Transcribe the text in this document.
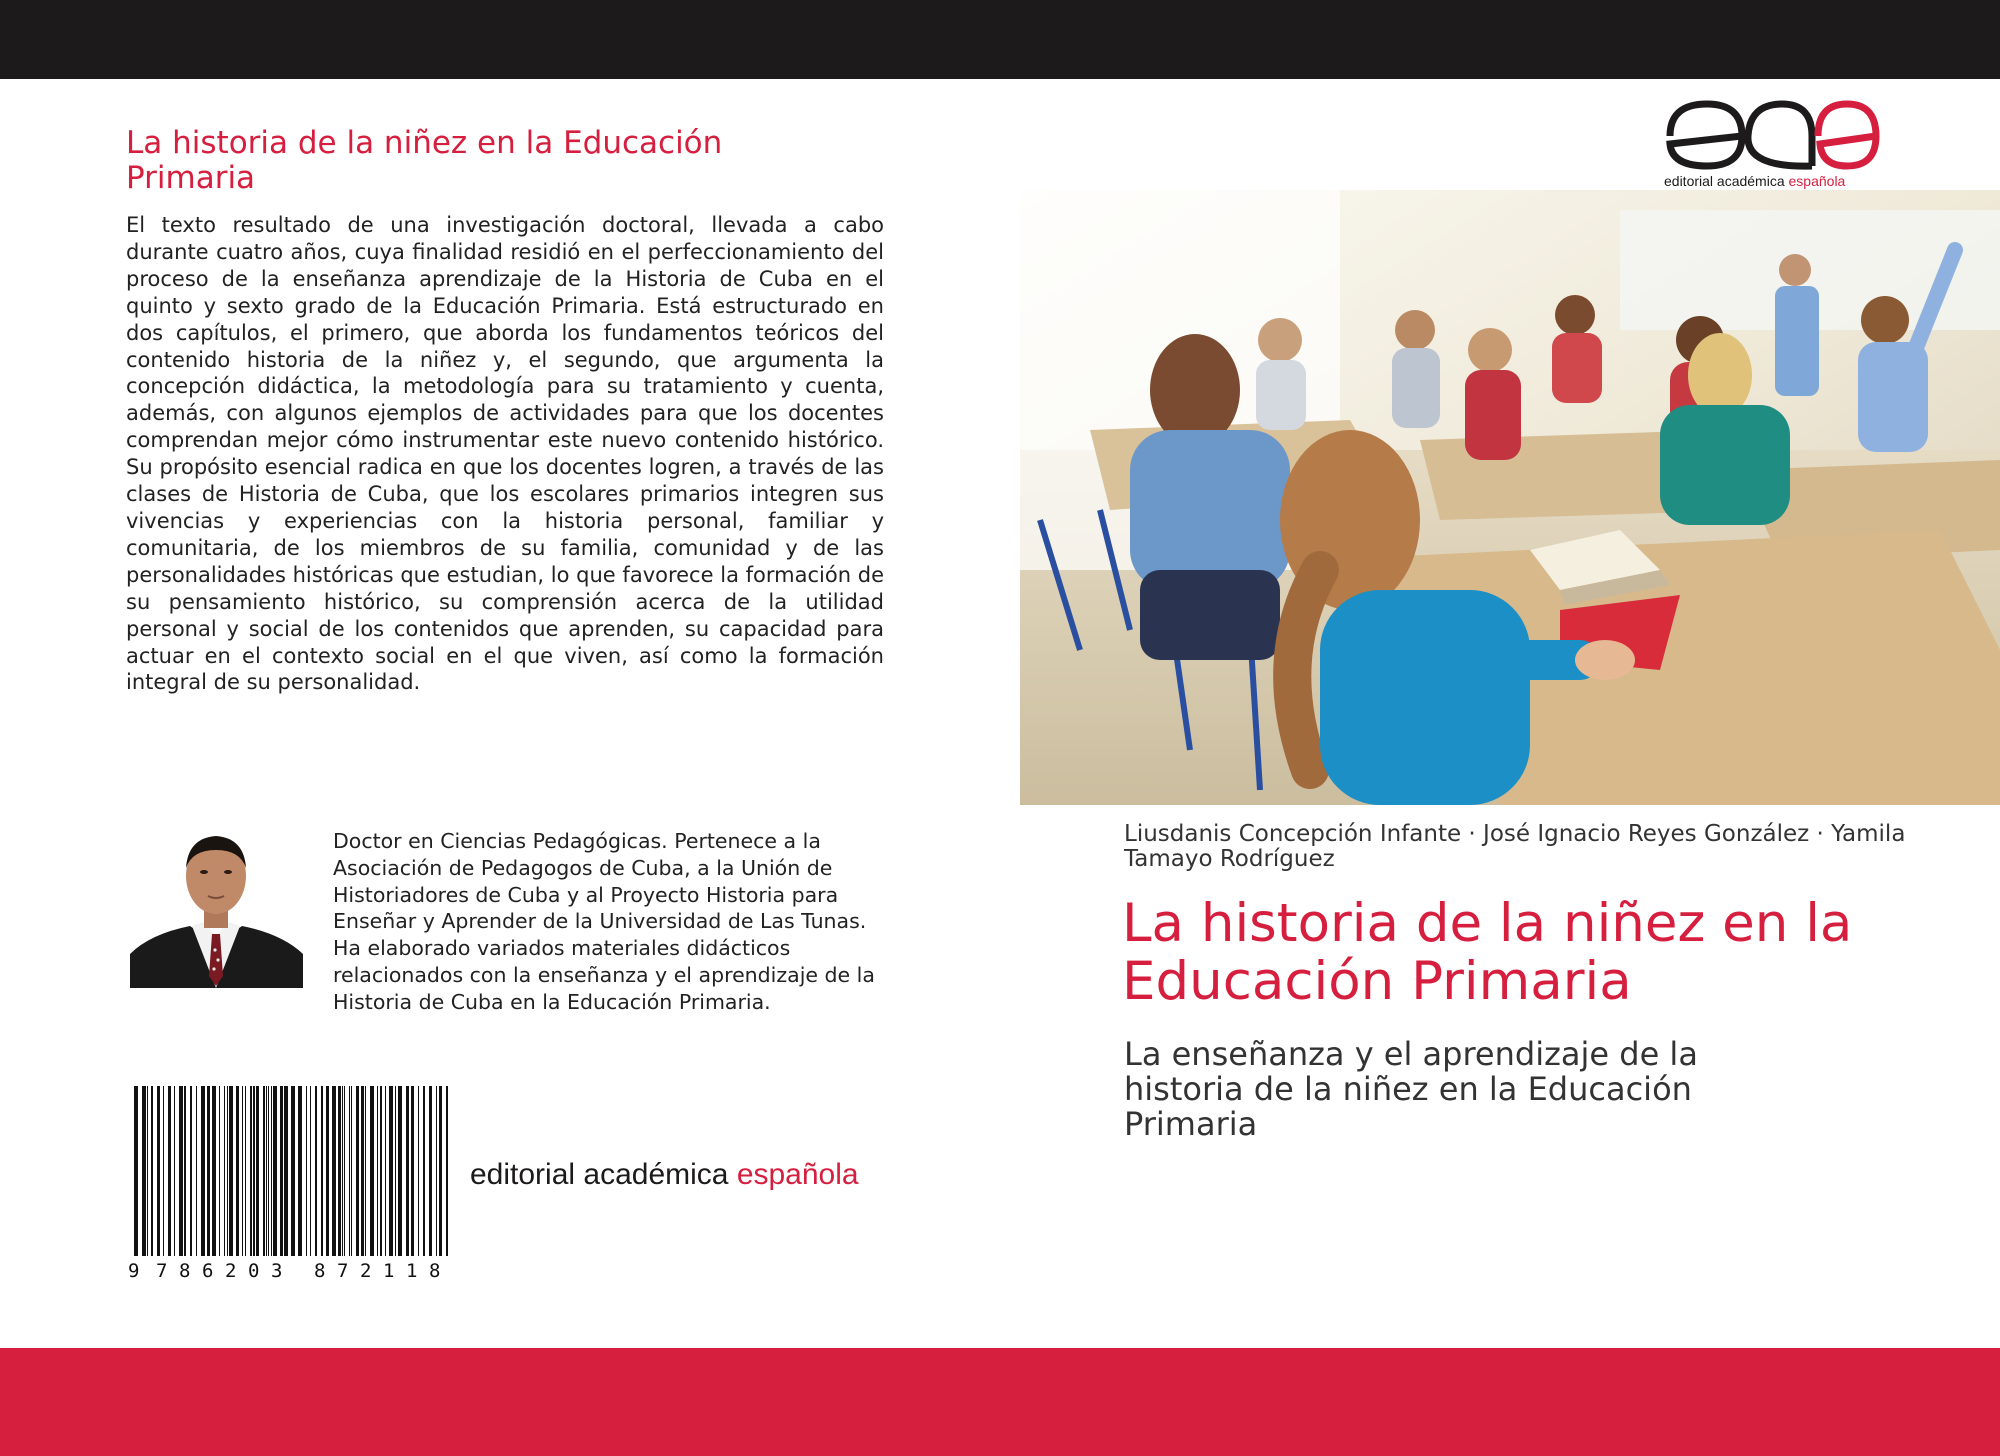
La historia de la niñez en la Educación Primaria
El texto resultado de una investigación doctoral, llevada a cabo durante cuatro años, cuya finalidad residió en el perfeccionamiento del proceso de la enseñanza aprendizaje de la Historia de Cuba en el quinto y sexto grado de la Educación Primaria. Está estructurado en dos capítulos, el primero, que aborda los fundamentos teóricos del contenido historia de la niñez y, el segundo, que argumenta la concepción didáctica, la metodología para su tratamiento y cuenta, además, con algunos ejemplos de actividades para que los docentes comprendan mejor cómo instrumentar este nuevo contenido histórico. Su propósito esencial radica en que los docentes logren, a través de las clases de Historia de Cuba, que los escolares primarios integren sus vivencias y experiencias con la historia personal, familiar y comunitaria, de los miembros de su familia, comunidad y de las personalidades históricas que estudian, lo que favorece la formación de su pensamiento histórico, su comprensión acerca de la utilidad personal y social de los contenidos que aprenden, su capacidad para actuar en el contexto social en el que viven, así como la formación integral de su personalidad.
Doctor en Ciencias Pedagógicas. Pertenece a la Asociación de Pedagogos de Cuba, a la Unión de Historiadores de Cuba y al Proyecto Historia para Enseñar y Aprender de la Universidad de Las Tunas. Ha elaborado variados materiales didácticos relacionados con la enseñanza y el aprendizaje de la Historia de Cuba en la Educación Primaria.
9 7 8 6 2 0 3 8 7 2 1 1 8
editorial académica española
editorial académica española
Liusdanis Concepción Infante · José Ignacio Reyes González · Yamila Tamayo Rodríguez
La historia de la niñez en la Educación Primaria
La enseñanza y el aprendizaje de la historia de la niñez en la Educación Primaria
